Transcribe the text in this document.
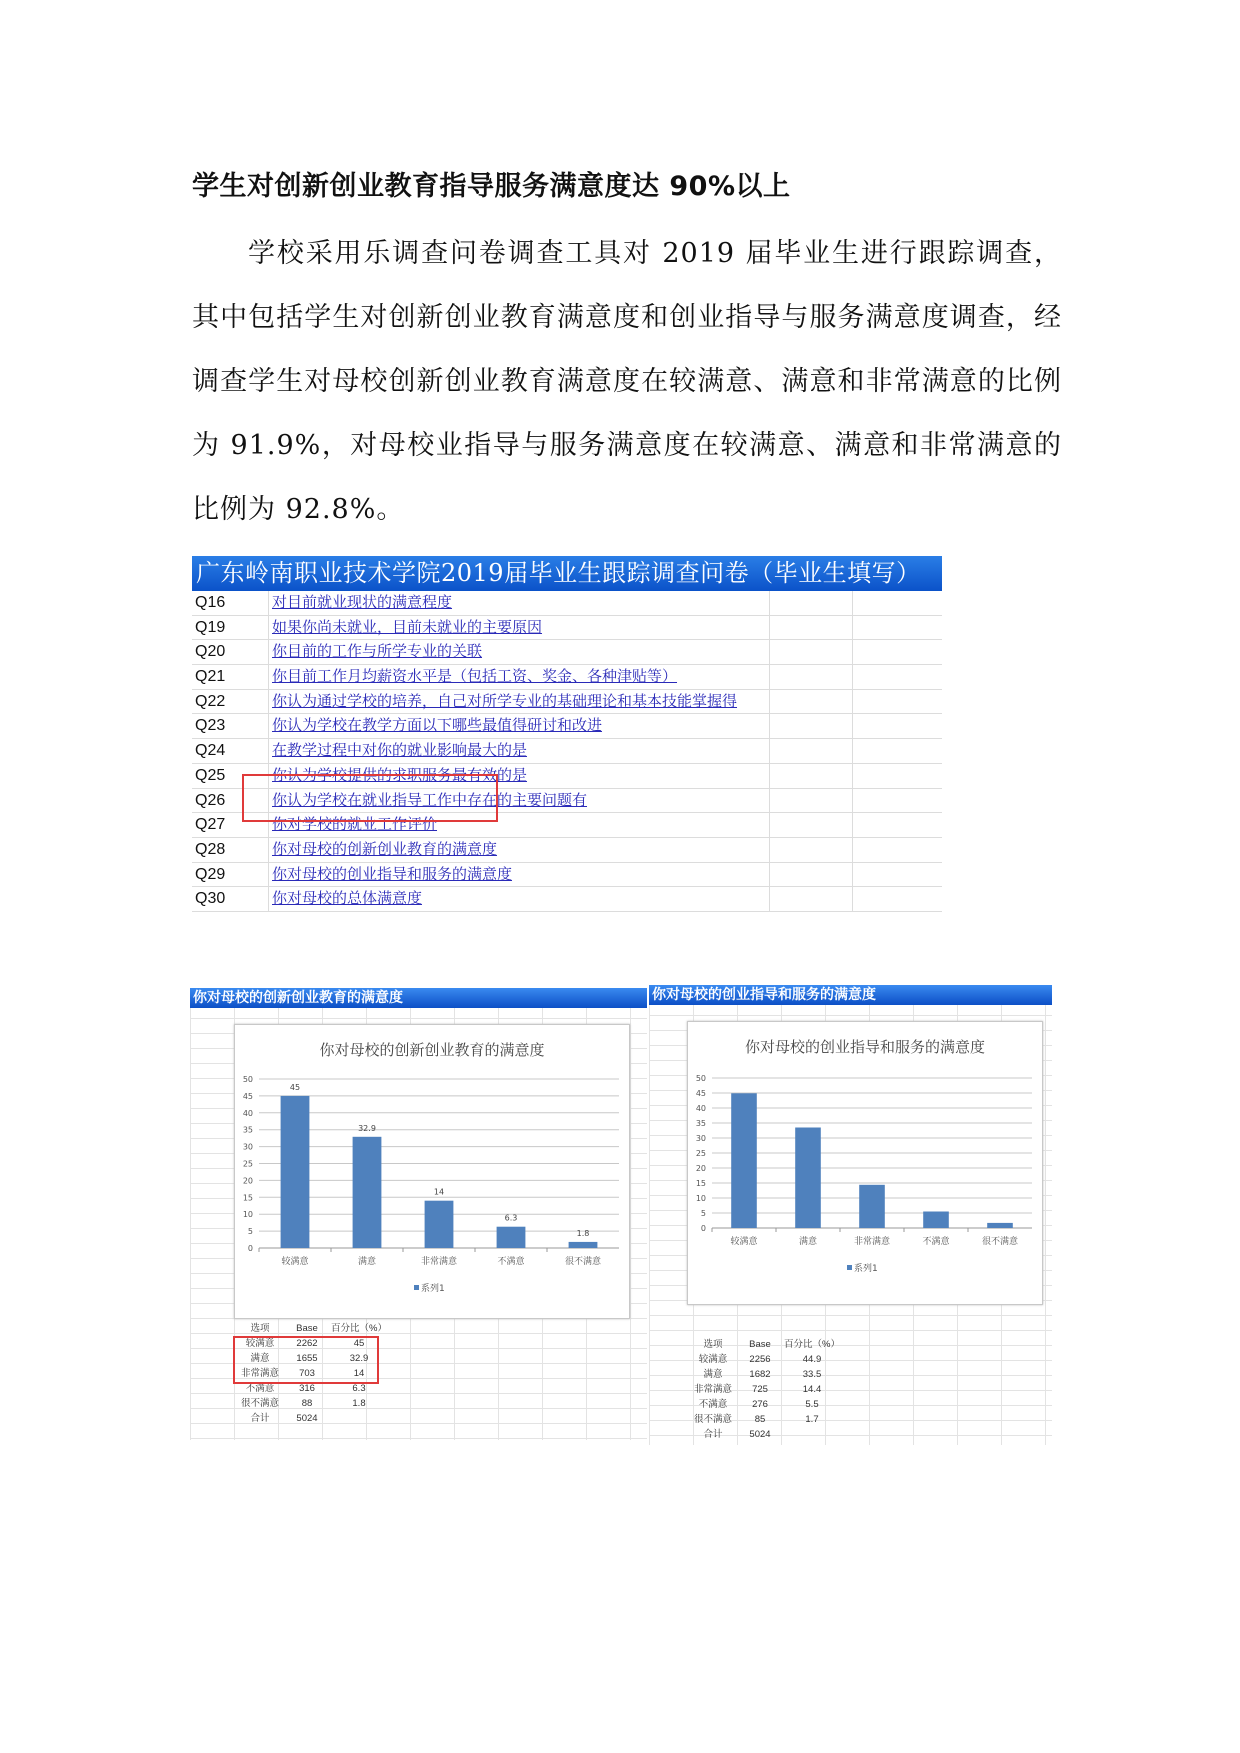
学生对创新创业教育指导服务满意度达 90%以上
学校采用乐调查问卷调查工具对 2019 届毕业生进行跟踪调查，其中包括学生对创新创业教育满意度和创业指导与服务满意度调查，经调查学生对母校创新创业教育满意度在较满意、满意和非常满意的比例为 91.9%，对母校业指导与服务满意度在较满意、满意和非常满意的比例为 92.8%。
广东岭南职业技术学院2019届毕业生跟踪调查问卷（毕业生填写）
Q16	对目前就业现状的满意程度
Q19	如果你尚未就业，目前未就业的主要原因
Q20	你目前的工作与所学专业的关联
Q21	你目前工作月均薪资水平是（包括工资、奖金、各种津贴等）
Q22	你认为通过学校的培养，自己对所学专业的基础理论和基本技能掌握得
Q23	你认为学校在教学方面以下哪些最值得研讨和改进
Q24	在教学过程中对你的就业影响最大的是
Q25	你认为学校提供的求职服务最有效的是
Q26	你认为学校在就业指导工作中存在的主要问题有
Q27	你对学校的就业工作评价
Q28	你对母校的创新创业教育的满意度
Q29	你对母校的创业指导和服务的满意度
Q30	你对母校的总体满意度
你对母校的创新创业教育的满意度
你对母校的创新创业教育的满意度
0
5
10
15
20
25
30
35
40
45
50
45
较满意
32.9
满意
14
非常满意
6.3
不满意
1.8
很不满意
系列1
选项	Base	百分比（%）
较满意	2262	45
满意	1655	32.9
非常满意	703	14
不满意	316	6.3
很不满意	88	1.8
合计	5024
你对母校的创业指导和服务的满意度
你对母校的创业指导和服务的满意度
0
5
10
15
20
25
30
35
40
45
50
较满意	满意	非常满意	不满意	很不满意
系列1
选项	Base	百分比（%）
较满意	2256	44.9
满意	1682	33.5
非常满意	725	14.4
不满意	276	5.5
很不满意	85	1.7
合计	5024
